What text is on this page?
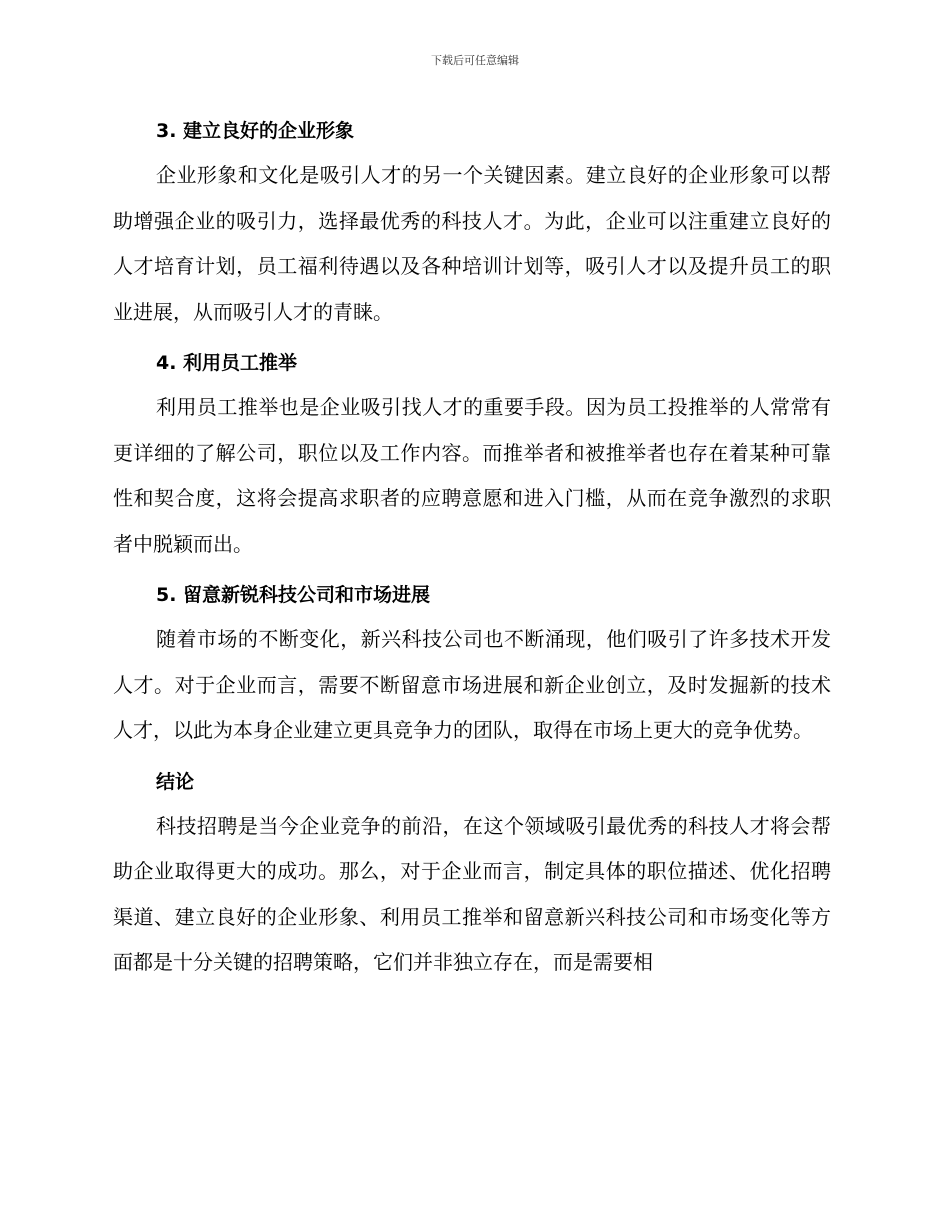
下载后可任意编辑
3. 建立良好的企业形象

企业形象和文化是吸引人才的另一个关键因素。建立良好的企业形象可以帮助增强企业的吸引力，选择最优秀的科技人才。为此，企业可以注重建立良好的人才培育计划，员工福利待遇以及各种培训计划等，吸引人才以及提升员工的职业进展，从而吸引人才的青睐。

4. 利用员工推举

利用员工推举也是企业吸引找人才的重要手段。因为员工投推举的人常常有更详细的了解公司，职位以及工作内容。而推举者和被推举者也存在着某种可靠性和契合度，这将会提高求职者的应聘意愿和进入门槛，从而在竞争激烈的求职者中脱颖而出。

5. 留意新锐科技公司和市场进展

随着市场的不断变化，新兴科技公司也不断涌现，他们吸引了许多技术开发人才。对于企业而言，需要不断留意市场进展和新企业创立，及时发掘新的技术人才，以此为本身企业建立更具竞争力的团队，取得在市场上更大的竞争优势。

结论

科技招聘是当今企业竞争的前沿，在这个领域吸引最优秀的科技人才将会帮助企业取得更大的成功。那么，对于企业而言，制定具体的职位描述、优化招聘渠道、建立良好的企业形象、利用员工推举和留意新兴科技公司和市场变化等方面都是十分关键的招聘策略，它们并非独立存在，而是需要相
